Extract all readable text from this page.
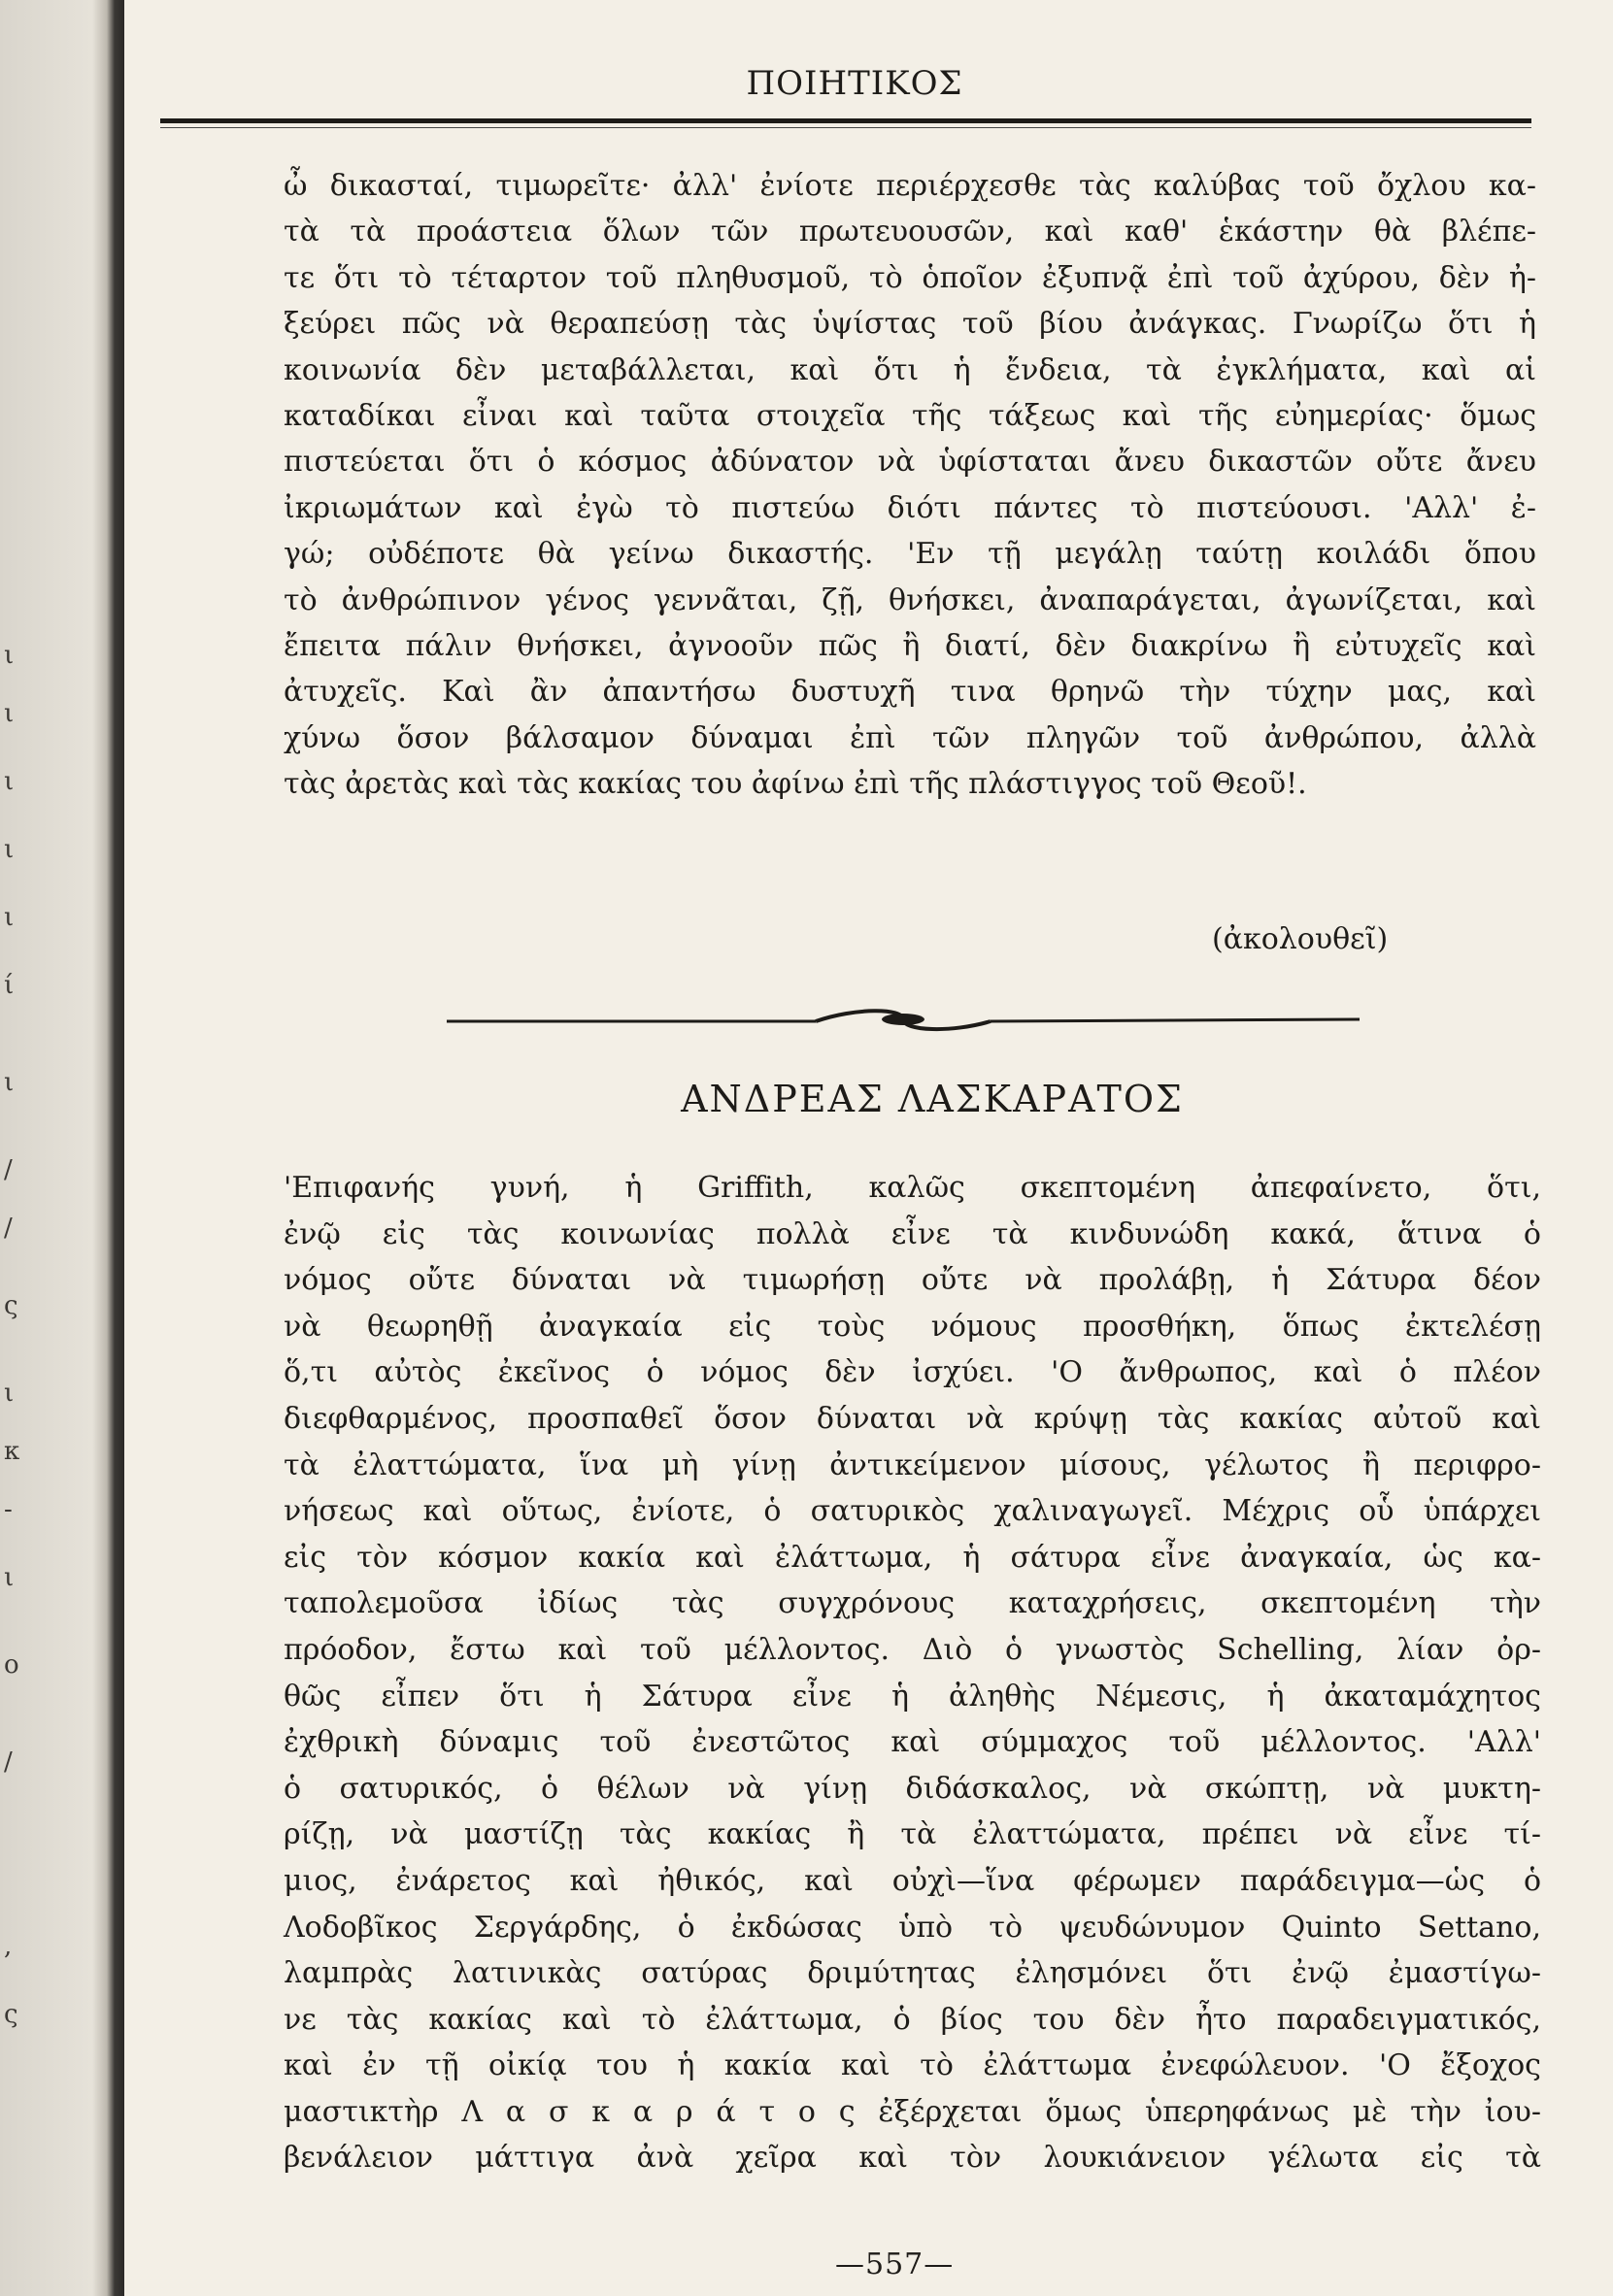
ι
ι
ι
ι
ι
ί
ι
/
/
ς
ι
κ
-
ι
ο
/
,
ς
ΠΟΙΗΤΙΚΟΣ
ὦ δικασταί, τιμωρεῖτε· ἀλλ' ἐνίοτε περιέρχεσθε τὰς καλύβας τοῦ ὄχλου κα-
τὰ τὰ προάστεια ὅλων τῶν πρωτευουσῶν, καὶ καθ' ἑκάστην θὰ βλέπε-
τε ὅτι τὸ τέταρτον τοῦ πληθυσμοῦ, τὸ ὁποῖον ἐξυπνᾷ ἐπὶ τοῦ ἀχύρου, δὲν ἠ-
ξεύρει πῶς νὰ θεραπεύσῃ τὰς ὑψίστας τοῦ βίου ἀνάγκας. Γνωρίζω ὅτι ἡ
κοινωνία δὲν μεταβάλλεται, καὶ ὅτι ἡ ἔνδεια, τὰ ἐγκλήματα, καὶ αἱ
καταδίκαι εἶναι καὶ ταῦτα στοιχεῖα τῆς τάξεως καὶ τῆς εὐημερίας· ὅμως
πιστεύεται ὅτι ὁ κόσμος ἀδύνατον νὰ ὑφίσταται ἄνευ δικαστῶν οὔτε ἄνευ
ἰκριωμάτων καὶ ἐγὼ τὸ πιστεύω διότι πάντες τὸ πιστεύουσι. 'Αλλ' ἐ-
γώ; οὐδέποτε θὰ γείνω δικαστής. 'Εν τῇ μεγάλῃ ταύτῃ κοιλάδι ὅπου
τὸ ἀνθρώπινον γένος γεννᾶται, ζῇ, θνήσκει, ἀναπαράγεται, ἀγωνίζεται, καὶ
ἔπειτα πάλιν θνήσκει, ἀγνοοῦν πῶς ἢ διατί, δὲν διακρίνω ἢ εὐτυχεῖς καὶ
ἀτυχεῖς. Καὶ ἂν ἀπαντήσω δυστυχῆ τινα θρηνῶ τὴν τύχην μας, καὶ
χύνω ὅσον βάλσαμον δύναμαι ἐπὶ τῶν πληγῶν τοῦ ἀνθρώπου, ἀλλὰ
τὰς ἀρετὰς καὶ τὰς κακίας του ἀφίνω ἐπὶ τῆς πλάστιγγος τοῦ Θεοῦ!.
(ἀκολουθεῖ)
ΑΝΔΡΕΑΣ ΛΑΣΚΑΡΑΤΟΣ
'Επιφανής γυνή, ἡ Griffith, καλῶς σκεπτομένη ἀπεφαίνετο, ὅτι,
ἐνῷ εἰς τὰς κοινωνίας πολλὰ εἶνε τὰ κινδυνώδη κακά, ἅτινα ὁ
νόμος οὔτε δύναται νὰ τιμωρήσῃ οὔτε νὰ προλάβῃ, ἡ Σάτυρα δέον
νὰ θεωρηθῇ ἀναγκαία εἰς τοὺς νόμους προσθήκη, ὅπως ἐκτελέσῃ
ὅ,τι αὐτὸς ἐκεῖνος ὁ νόμος δὲν ἰσχύει. 'Ο ἄνθρωπος, καὶ ὁ πλέον
διεφθαρμένος, προσπαθεῖ ὅσον δύναται νὰ κρύψῃ τὰς κακίας αὐτοῦ καὶ
τὰ ἐλαττώματα, ἵνα μὴ γίνῃ ἀντικείμενον μίσους, γέλωτος ἢ περιφρο-
νήσεως καὶ οὕτως, ἐνίοτε, ὁ σατυρικὸς χαλιναγωγεῖ. Μέχρις οὗ ὑπάρχει
εἰς τὸν κόσμον κακία καὶ ἐλάττωμα, ἡ σάτυρα εἶνε ἀναγκαία, ὡς κα-
ταπολεμοῦσα ἰδίως τὰς συγχρόνους καταχρήσεις, σκεπτομένη τὴν
πρόοδον, ἔστω καὶ τοῦ μέλλοντος. Διὸ ὁ γνωστὸς Schelling, λίαν ὀρ-
θῶς εἶπεν ὅτι ἡ Σάτυρα εἶνε ἡ ἀληθὴς Νέμεσις, ἡ ἀκαταμάχητος
ἐχθρικὴ δύναμις τοῦ ἐνεστῶτος καὶ σύμμαχος τοῦ μέλλοντος. 'Αλλ'
ὁ σατυρικός, ὁ θέλων νὰ γίνῃ διδάσκαλος, νὰ σκώπτῃ, νὰ μυκτη-
ρίζῃ, νὰ μαστίζῃ τὰς κακίας ἢ τὰ ἐλαττώματα, πρέπει νὰ εἶνε τί-
μιος, ἐνάρετος καὶ ἠθικός, καὶ οὐχὶ—ἵνα φέρωμεν παράδειγμα—ὡς ὁ
Λοδοβῖκος Σεργάρδης, ὁ ἐκδώσας ὑπὸ τὸ ψευδώνυμον Quinto Settano,
λαμπρὰς λατινικὰς σατύρας δριμύτητας ἐλησμόνει ὅτι ἐνῷ ἐμαστίγω-
νε τὰς κακίας καὶ τὸ ἐλάττωμα, ὁ βίος του δὲν ἦτο παραδειγματικός,
καὶ ἐν τῇ οἰκίᾳ του ἡ κακία καὶ τὸ ἐλάττωμα ἐνεφώλευον. 'Ο ἔξοχος
μαστικτὴρ Λ α σ κ α ρ ά τ ο ς ἐξέρχεται ὅμως ὑπερηφάνως μὲ τὴν ἰου-
βενάλειον μάττιγα ἀνὰ χεῖρα καὶ τὸν λουκιάνειον γέλωτα εἰς τὰ
—557—
